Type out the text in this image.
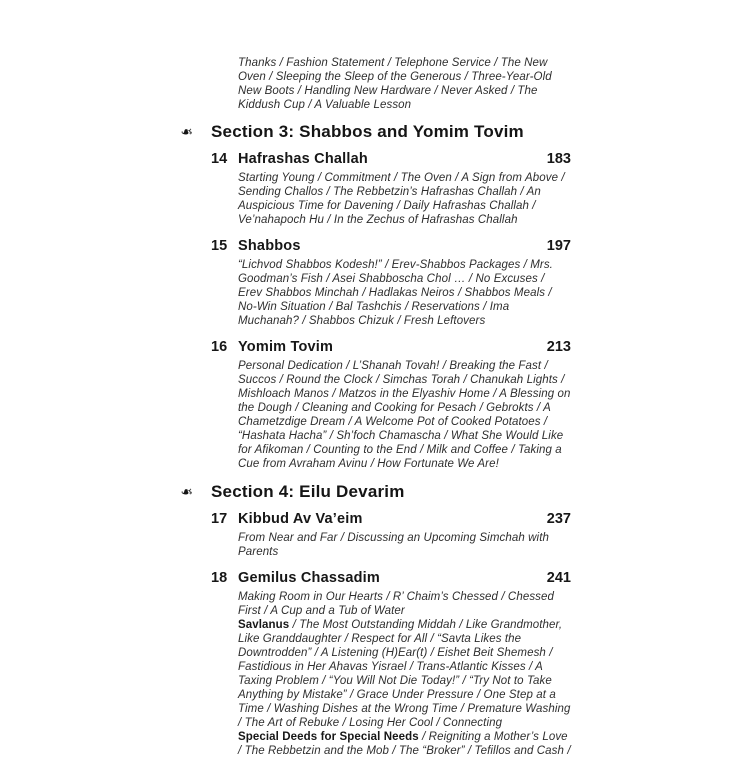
Thanks / Fashion Statement / Telephone Service / The New Oven / Sleeping the Sleep of the Generous / Three-Year-Old New Boots / Handling New Hardware / Never Asked / The Kiddush Cup / A Valuable Lesson

❧	Section 3: Shabbos and Yomim Tovim
14 Hafrashas Challah	183

Starting Young / Commitment / The Oven / A Sign from Above / Sending Challos / The Rebbetzin’s Hafrashas Challah / An Auspicious Time for Davening / Daily Hafrashas Challah / Ve’nahapoch Hu / In the Zechus of Hafrashas Challah

15 Shabbos	197

“Lichvod Shabbos Kodesh!” / Erev-Shabbos Packages / Mrs. Goodman’s Fish / Asei Shabboscha Chol … / No Excuses / Erev Shabbos Minchah / Hadlakas Neiros / Shabbos Meals / No-Win Situation / Bal Tashchis / Reservations / Ima Muchanah? / Shabbos Chizuk / Fresh Leftovers

16 Yomim Tovim	213

Personal Dedication / L’Shanah Tovah! / Breaking the Fast / Succos / Round the Clock / Simchas Torah / Chanukah Lights / Mishloach Manos / Matzos in the Elyashiv Home / A Blessing on the Dough / Cleaning and Cooking for Pesach / Gebrokts / A Chametzdige Dream / A Welcome Pot of Cooked Potatoes / “Hashata Hacha” / Sh’foch Chamascha / What She Would Like for Afikoman / Counting to the End / Milk and Coffee / Taking a Cue from Avraham Avinu / How Fortunate We Are!

❧	Section 4: Eilu Devarim
17 Kibbud Av Va’eim	237

From Near and Far / Discussing an Upcoming Simchah with Parents

18 Gemilus Chassadim	241

Making Room in Our Hearts / R’ Chaim’s Chessed / Chessed First / A Cup and a Tub of Water

Savlanus / The Most Outstanding Middah / Like Grandmother, Like Granddaughter / Respect for All / “Savta Likes the Downtrodden” / A Listening (H)Ear(t) / Eishet Beit Shemesh / Fastidious in Her Ahavas Yisrael / Trans-Atlantic Kisses / A Taxing Problem / “You Will Not Die Today!” / “Try Not to Take Anything by Mistake” / Grace Under Pressure / One Step at a Time / Washing Dishes at the Wrong Time / Premature Washing / The Art of Rebuke / Losing Her Cool / Connecting

Special Deeds for Special Needs / Reigniting a Mother’s Love / The Rebbetzin and the Mob / The “Broker” / Tefillos and Cash /
